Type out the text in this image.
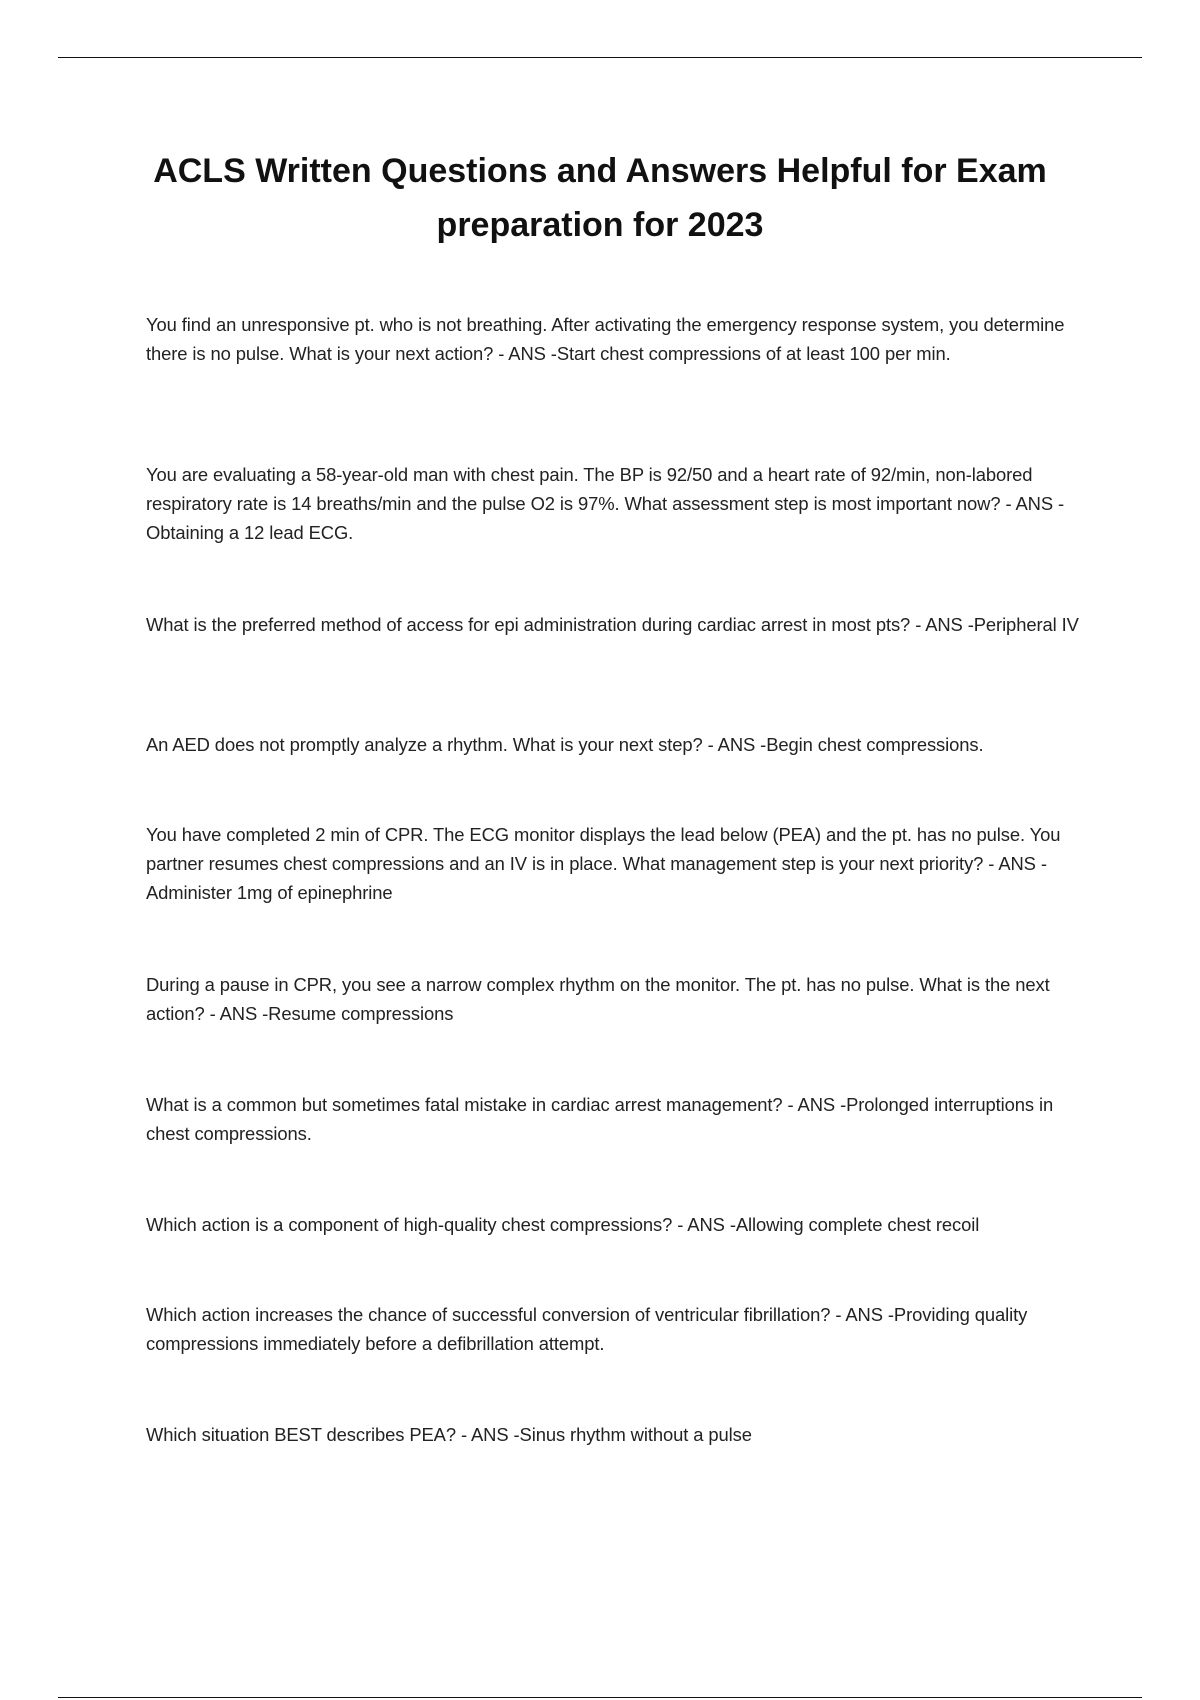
ACLS Written Questions and Answers Helpful for Exam preparation for 2023
You find an unresponsive pt. who is not breathing. After activating the emergency response system, you determine there is no pulse. What is your next action? - ANS -Start chest compressions of at least 100 per min.
You are evaluating a 58-year-old man with chest pain. The BP is 92/50 and a heart rate of 92/min, non-labored respiratory rate is 14 breaths/min and the pulse O2 is 97%. What assessment step is most important now? - ANS -Obtaining a 12 lead ECG.
What is the preferred method of access for epi administration during cardiac arrest in most pts? - ANS -Peripheral IV
An AED does not promptly analyze a rhythm. What is your next step? - ANS -Begin chest compressions.
You have completed 2 min of CPR. The ECG monitor displays the lead below (PEA) and the pt. has no pulse. You partner resumes chest compressions and an IV is in place. What management step is your next priority? - ANS -Administer 1mg of epinephrine
During a pause in CPR, you see a narrow complex rhythm on the monitor. The pt. has no pulse. What is the next action? - ANS -Resume compressions
What is a common but sometimes fatal mistake in cardiac arrest management? - ANS -Prolonged interruptions in chest compressions.
Which action is a component of high-quality chest compressions? - ANS -Allowing complete chest recoil
Which action increases the chance of successful conversion of ventricular fibrillation? - ANS -Providing quality compressions immediately before a defibrillation attempt.
Which situation BEST describes PEA? - ANS -Sinus rhythm without a pulse
